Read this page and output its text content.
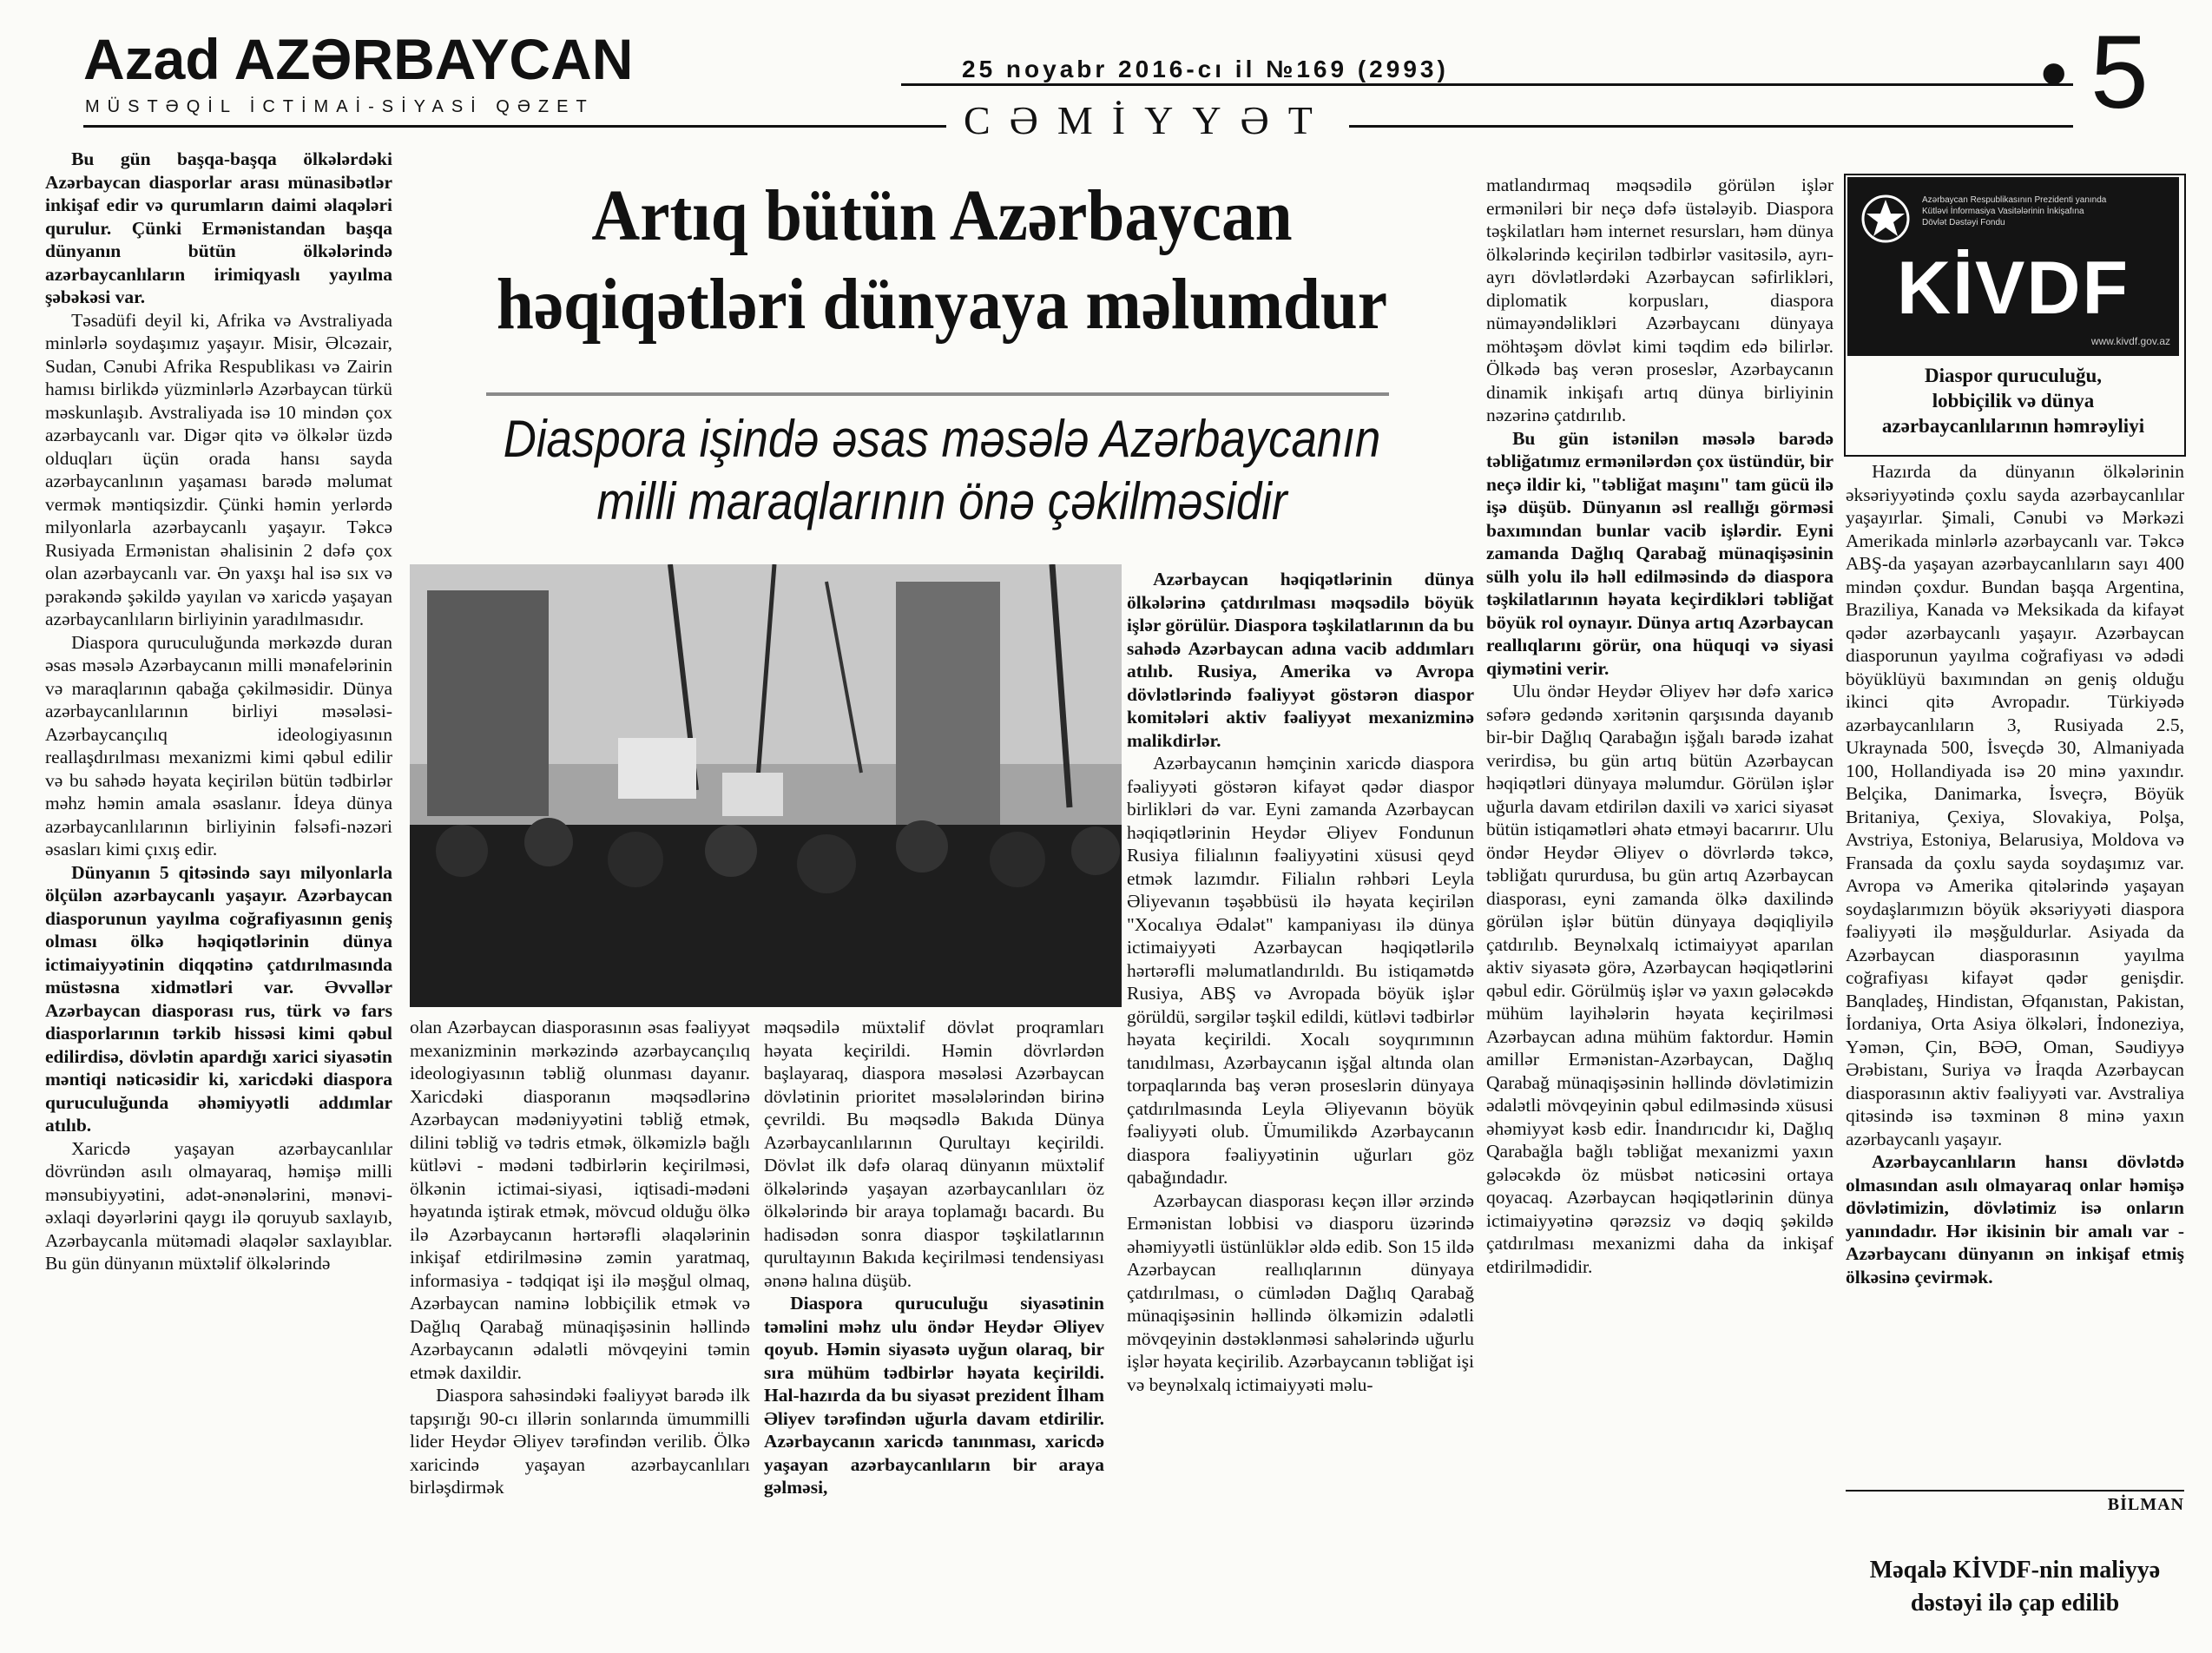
Azad AZƏRBAYCAN
MÜSTƏQİL İCTİMAİ-SİYASİ QƏZET
25 noyabr 2016-cı il №169 (2993)
CƏMİYYƏT
• 5
Artıq bütün Azərbaycan
həqiqətləri dünyaya məlumdur
Diaspora işində əsas məsələ Azərbaycanın
milli maraqlarının önə çəkilməsidir

Bu gün başqa-başqa ölkələrdəki Azərbaycan diasporlar arası münasibətlər inkişaf edir və qurumların daimi əlaqələri qurulur. Çünki Ermənistandan başqa dünyanın bütün ölkələrində azərbaycanlıların irimiqyaslı yayılma şəbəkəsi var.

Təsadüfi deyil ki, Afrika və Avstraliyada minlərlə soydaşımız yaşayır. Misir, Əlcəzair, Sudan, Cənubi Afrika Respublikası və Zairin hamısı birlikdə yüzminlərlə Azərbaycan türkü məskunlaşıb. Avstraliyada isə 10 mindən çox azərbaycanlı var. Digər qitə və ölkələr üzdə olduqları üçün orada hansı sayda azərbaycanlının yaşaması barədə məlumat vermək məntiqsizdir. Çünki həmin yerlərdə milyonlarla azərbaycanlı yaşayır. Təkcə Rusiyada Ermənistan əhalisinin 2 dəfə çox olan azərbaycanlı var. Ən yaxşı hal isə sıx və pərakəndə şəkildə yayılan və xaricdə yaşayan azərbaycanlıların birliyinin yaradılmasıdır.

Diaspora quruculuğunda mərkəzdə duran əsas məsələ Azərbaycanın milli mənafelərinin və maraqlarının qabağa çəkilməsidir. Dünya azərbaycanlılarının birliyi məsələsi-Azərbaycançılıq ideologiyasının reallaşdırılması mexanizmi kimi qəbul edilir və bu sahədə həyata keçirilən bütün tədbirlər məhz həmin amala əsaslanır. İdeya dünya azərbaycanlılarının birliyinin fəlsəfi-nəzəri əsasları kimi çıxış edir.

Dünyanın 5 qitəsində sayı milyonlarla ölçülən azərbaycanlı yaşayır. Azərbaycan diasporunun yayılma coğrafiyasının geniş olması ölkə həqiqətlərinin dünya ictimaiyyətinin diqqətinə çatdırılmasında müstəsna xidmətləri var. Əvvəllər Azərbaycan diasporası rus, türk və fars diasporlarının tərkib hissəsi kimi qəbul edilirdisə, dövlətin apardığı xarici siyasətin məntiqi nəticəsidir ki, xaricdəki diaspora quruculuğunda əhəmiyyətli addımlar atılıb.

Xaricdə yaşayan azərbaycanlılar dövründən asılı olmayaraq, həmişə milli mənsubiyyətini, adət-ənənələrini, mənəvi-əxlaqi dəyərlərini qaygı ilə qoruyub saxlayıb, Azərbaycanla mütəmadi əlaqələr saxlayıblar. Bu gün dünyanın müxtəlif ölkələrində

olan Azərbaycan diasporasının əsas fəaliyyət mexanizminin mərkəzində azərbaycançılıq ideologiyasının təbliğ olunması dayanır. Xaricdəki diasporanın məqsədlərinə Azərbaycan mədəniyyətini təbliğ etmək, dilini təbliğ və tədris etmək, ölkəmizlə bağlı kütləvi - mədəni tədbirlərin keçirilməsi, ölkənin ictimai-siyasi, iqtisadi-mədəni həyatında iştirak etmək, mövcud olduğu ölkə ilə Azərbaycanın hərtərəfli əlaqələrinin inkişaf etdirilməsinə zəmin yaratmaq, informasiya - tədqiqat işi ilə məşğul olmaq, Azərbaycan naminə lobbiçilik etmək və Dağlıq Qarabağ münaqişəsinin həllində Azərbaycanın ədalətli mövqeyini təmin etmək daxildir.

Diaspora sahəsindəki fəaliyyət barədə ilk tapşırığı 90-cı illərin sonlarında ümummilli lider Heydər Əliyev tərəfindən verilib. Ölkə xaricində yaşayan azərbaycanlıları birləşdirmək

məqsədilə müxtəlif dövlət proqramları həyata keçirildi. Həmin dövrlərdən başlayaraq, diaspora məsələsi Azərbaycan dövlətinin prioritet məsələlərindən birinə çevrildi. Bu məqsədlə Bakıda Dünya Azərbaycanlılarının Qurultayı keçirildi. Dövlət ilk dəfə olaraq dünyanın müxtəlif ölkələrində yaşayan azərbaycanlıları öz ölkələrində bir araya toplamağı bacardı. Bu hadisədən sonra diaspor təşkilatlarının qurultayının Bakıda keçirilməsi tendensiyası ənənə halına düşüb.

Diaspora quruculuğu siyasətinin təməlini məhz ulu öndər Heydər Əliyev qoyub. Həmin siyasətə uyğun olaraq, bir sıra mühüm tədbirlər həyata keçirildi. Hal-hazırda da bu siyasət prezident İlham Əliyev tərəfindən uğurla davam etdirilir. Azərbaycanın xaricdə tanınması, xaricdə yaşayan azərbaycanlıların bir araya gəlməsi,

Azərbaycan həqiqətlərinin dünya ölkələrinə çatdırılması məqsədilə böyük işlər görülür. Diaspora təşkilatlarının da bu sahədə Azərbaycan adına vacib addımları atılıb. Rusiya, Amerika və Avropa dövlətlərində fəaliyyət göstərən diaspor komitələri aktiv fəaliyyət mexanizminə malikdirlər.

Azərbaycanın həmçinin xaricdə diaspora fəaliyyəti göstərən kifayət qədər diaspor birlikləri də var. Eyni zamanda Azərbaycan həqiqətlərinin Heydər Əliyev Fondunun Rusiya filialının fəaliyyətini xüsusi qeyd etmək lazımdır. Filialın rəhbəri Leyla Əliyevanın təşəbbüsü ilə həyata keçirilən "Xocalıya Ədalət" kampaniyası ilə dünya ictimaiyyəti Azərbaycan həqiqətlərilə hərtərəfli məlumatlandırıldı. Bu istiqamətdə Rusiya, ABŞ və Avropada böyük işlər görüldü, sərgilər təşkil edildi, kütləvi tədbirlər həyata keçirildi. Xocalı soyqırımının tanıdılması, Azərbaycanın işğal altında olan torpaqlarında baş verən proseslərin dünyaya çatdırılmasında Leyla Əliyevanın böyük fəaliyyəti olub. Ümumilikdə Azərbaycanın diaspora fəaliyyətinin uğurları göz qabağındadır.

Azərbaycan diasporası keçən illər ərzində Ermənistan lobbisi və diasporu üzərində əhəmiyyətli üstünlüklər əldə edib. Son 15 ildə Azərbaycan reallıqlarının dünyaya çatdırılması, o cümlədən Dağlıq Qarabağ münaqişəsinin həllində ölkəmizin ədalətli mövqeyinin dəstəklənməsi sahələrində uğurlu işlər həyata keçirilib. Azərbaycanın təbliğat işi və beynəlxalq ictimaiyyəti məlu-

matlandırmaq məqsədilə görülən işlər erməniləri bir neçə dəfə üstələyib. Diaspora təşkilatları həm internet resursları, həm dünya ölkələrində keçirilən tədbirlər vasitəsilə, ayrı-ayrı dövlətlərdəki Azərbaycan səfirlikləri, diplomatik korpusları, diaspora nümayəndəlikləri Azərbaycanı dünyaya möhtəşəm dövlət kimi təqdim edə bilirlər. Ölkədə baş verən proseslər, Azərbaycanın dinamik inkişafı artıq dünya birliyinin nəzərinə çatdırılıb.

Bu gün istənilən məsələ barədə təbliğatımız ermənilərdən çox üstündür, bir neçə ildir ki, "təbliğat maşını" tam gücü ilə işə düşüb. Dünyanın əsl reallığı görməsi baxımından bunlar vacib işlərdir. Eyni zamanda Dağlıq Qarabağ münaqişəsinin sülh yolu ilə həll edilməsində də diaspora təşkilatlarının həyata keçirdikləri təbliğat böyük rol oynayır. Dünya artıq Azərbaycan reallıqlarını görür, ona hüquqi və siyasi qiymətini verir.

Ulu öndər Heydər Əliyev hər dəfə xaricə səfərə gedəndə xəritənin qarşısında dayanıb bir-bir Dağlıq Qarabağın işğalı barədə izahat verirdisə, bu gün artıq bütün Azərbaycan həqiqətləri dünyaya məlumdur. Görülən işlər uğurla davam etdirilən daxili və xarici siyasət bütün istiqamətləri əhatə etməyi bacarırır. Ulu öndər Heydər Əliyev o dövrlərdə təkcə, təbliğatı qururdusa, bu gün artıq Azərbaycan diasporası, eyni zamanda ölkə daxilində görülən işlər bütün dünyaya dəqiqliyilə çatdırılıb. Beynəlxalq ictimaiyyət aparılan aktiv siyasətə görə, Azərbaycan həqiqətlərini qəbul edir. Görülmüş işlər və yaxın gələcəkdə mühüm layihələrin həyata keçirilməsi Azərbaycan adına mühüm faktordur. Həmin amillər Ermənistan-Azərbaycan, Dağlıq Qarabağ münaqişəsinin həllində dövlətimizin ədalətli mövqeyinin qəbul edilməsində xüsusi əhəmiyyət kəsb edir. İnandırıcıdır ki, Dağlıq Qarabağla bağlı təbliğat mexanizmi yaxın gələcəkdə öz müsbət nəticəsini ortaya qoyacaq. Azərbaycan həqiqətlərinin dünya ictimaiyyətinə qərəzsiz və dəqiq şəkildə çatdırılması mexanizmi daha da inkişaf etdirilmədidir.

Azərbaycan Respublikasının Prezidenti yanında
Kütləvi İnformasiya Vasitələrinin İnkişafına
Dövlət Dəstəyi Fondu
KİVDF
www.kivdf.gov.az
Diaspor quruculuğu,
lobbiçilik və dünya
azərbaycanlılarının həmrəyliyi

Hazırda da dünyanın ölkələrinin əksəriyyətində çoxlu sayda azərbaycanlılar yaşayırlar. Şimali, Cənubi və Mərkəzi Amerikada minlərlə azərbaycanlı var. Təkcə ABŞ-da yaşayan azərbaycanlıların sayı 400 mindən çoxdur. Bundan başqa Argentina, Braziliya, Kanada və Meksikada da kifayət qədər azərbaycanlı yaşayır. Azərbaycan diasporunun yayılma coğrafiyası və ədədi böyüklüyü baxımından ən geniş olduğu ikinci qitə Avropadır. Türkiyədə azərbaycanlıların 3, Rusiyada 2.5, Ukraynada 500, İsveçdə 30, Almaniyada 100, Hollandiyada isə 20 minə yaxındır. Belçika, Danimarka, İsveçrə, Böyük Britaniya, Çexiya, Slovakiya, Polşa, Avstriya, Estoniya, Belarusiya, Moldova və Fransada da çoxlu sayda soydaşımız var. Avropa və Amerika qitələrində yaşayan soydaşlarımızın böyük əksəriyyəti diaspora fəaliyyəti ilə məşğuldurlar. Asiyada da Azərbaycan diasporasının yayılma coğrafiyası kifayət qədər genişdir. Banqladeş, Hindistan, Əfqanıstan, Pakistan, İordaniya, Orta Asiya ölkələri, İndoneziya, Yəmən, Çin, BƏƏ, Oman, Səudiyyə Ərəbistanı, Suriya və İraqda Azərbaycan diasporasının aktiv fəaliyyəti var. Avstraliya qitəsində isə təxminən 8 minə yaxın azərbaycanlı yaşayır.

Azərbaycanlıların hansı dövlətdə olmasından asılı olmayaraq onlar həmişə dövlətimizin, dövlətimiz isə onların yanındadır. Hər ikisinin bir amalı var - Azərbaycanı dünyanın ən inkişaf etmiş ölkəsinə çevirmək.

BİLMAN
Məqalə KİVDF-nin maliyyə
dəstəyi ilə çap edilib
